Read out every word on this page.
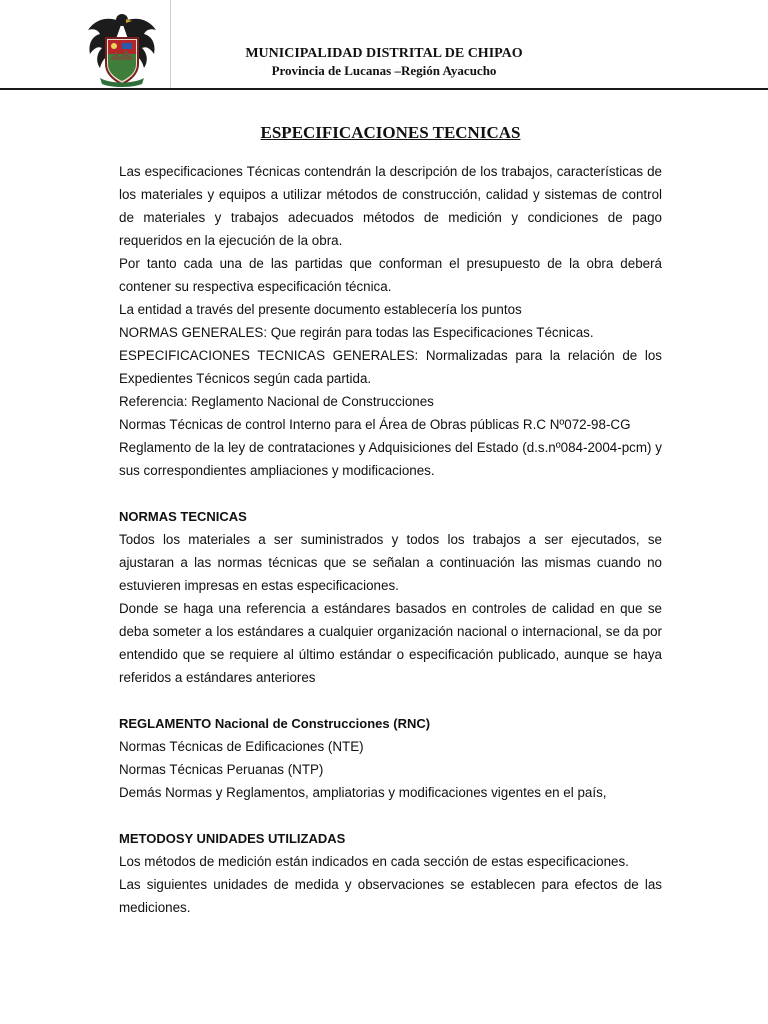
MUNICIPALIDAD DISTRITAL DE CHIPAO
Provincia de Lucanas –Región Ayacucho
ESPECIFICACIONES TECNICAS

Las especificaciones Técnicas contendrán la descripción de los trabajos, características de los materiales y equipos a utilizar métodos de construcción, calidad y sistemas de control de materiales y trabajos adecuados métodos de medición y condiciones de pago requeridos en la ejecución de la obra.

Por tanto cada una de las partidas que conforman el presupuesto de la obra deberá contener su respectiva especificación técnica.

La entidad a través del presente documento establecería los puntos

NORMAS GENERALES: Que regirán para todas las Especificaciones Técnicas.

ESPECIFICACIONES TECNICAS GENERALES: Normalizadas para la relación de los Expedientes Técnicos según cada partida.

Referencia: Reglamento Nacional de Construcciones

Normas Técnicas de control Interno para el Área de Obras públicas R.C Nº072-98-CG

Reglamento de la ley de contrataciones y Adquisiciones del Estado (d.s.nº084-2004-pcm) y sus correspondientes ampliaciones y modificaciones.

NORMAS TECNICAS

Todos los materiales a ser suministrados y todos los trabajos a ser ejecutados, se ajustaran a las normas técnicas que se señalan a continuación las mismas cuando no estuvieren impresas en estas especificaciones.

Donde se haga una referencia a estándares basados en controles de calidad en que se deba someter a los estándares a cualquier organización nacional o internacional, se da por entendido que se requiere al último estándar o especificación publicado, aunque se haya referidos a estándares anteriores

REGLAMENTO Nacional de Construcciones (RNC)

Normas Técnicas de Edificaciones (NTE)

Normas Técnicas Peruanas (NTP)

Demás Normas y Reglamentos, ampliatorias y modificaciones vigentes en el país,

METODOSY UNIDADES UTILIZADAS

Los métodos de medición están indicados en cada sección de estas especificaciones.

Las siguientes unidades de medida y observaciones se establecen para efectos de las mediciones.
